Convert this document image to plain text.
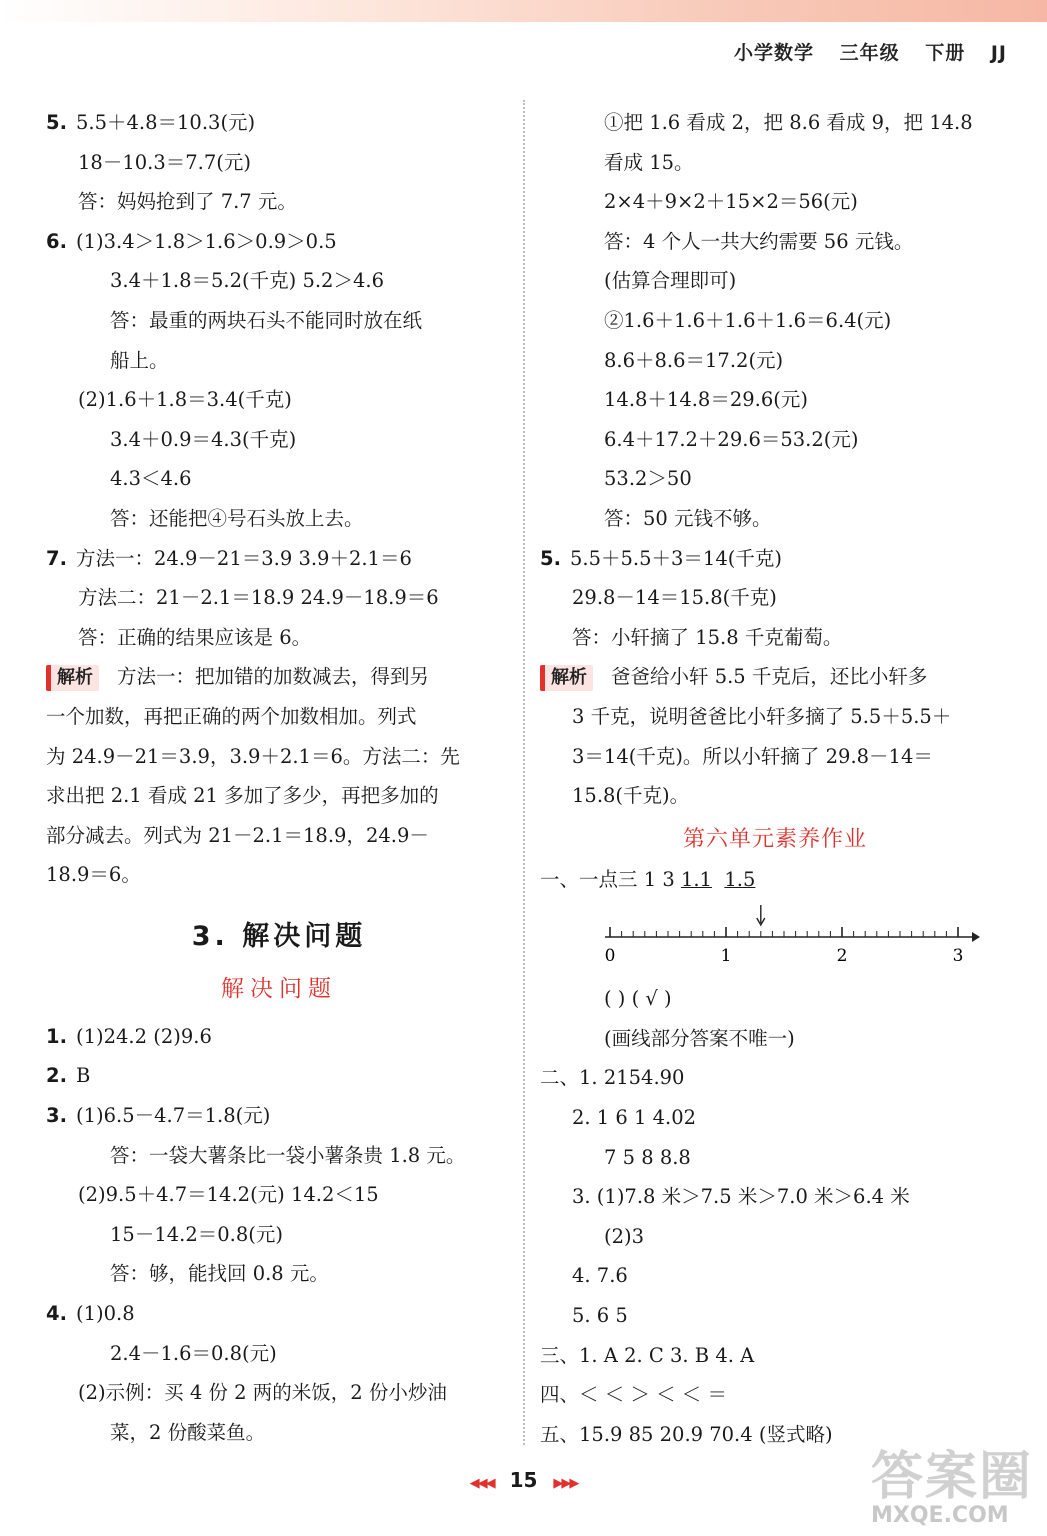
小学数学 三年级 下册 JJ
5. 5.5＋4.8＝10.3(元)
18－10.3＝7.7(元)
答：妈妈抢到了 7.7 元。
6. (1)3.4＞1.8＞1.6＞0.9＞0.5
3.4＋1.8＝5.2(千克) 5.2＞4.6
答：最重的两块石头不能同时放在纸
船上。
(2)1.6＋1.8＝3.4(千克)
3.4＋0.9＝4.3(千克)
4.3＜4.6
答：还能把④号石头放上去。
7. 方法一：24.9－21＝3.9 3.9＋2.1＝6
方法二：21－2.1＝18.9 24.9－18.9＝6
答：正确的结果应该是 6。
解析 方法一：把加错的加数减去，得到另
一个加数，再把正确的两个加数相加。列式
为 24.9－21＝3.9，3.9＋2.1＝6。方法二：先
求出把 2.1 看成 21 多加了多少，再把多加的
部分减去。列式为 21－2.1＝18.9，24.9－
18.9＝6。
3. 解决问题
解决问题
1. (1)24.2 (2)9.6
2. B
3. (1)6.5－4.7＝1.8(元)
答：一袋大薯条比一袋小薯条贵 1.8 元。
(2)9.5＋4.7＝14.2(元) 14.2＜15
15－14.2＝0.8(元)
答：够，能找回 0.8 元。
4. (1)0.8
2.4－1.6＝0.8(元)
(2)示例：买 4 份 2 两的米饭，2 份小炒油
菜，2 份酸菜鱼。
①把 1.6 看成 2，把 8.6 看成 9，把 14.8
看成 15。
2×4＋9×2＋15×2＝56(元)
答：4 个人一共大约需要 56 元钱。
(估算合理即可)
②1.6＋1.6＋1.6＋1.6＝6.4(元)
8.6＋8.6＝17.2(元)
14.8＋14.8＝29.6(元)
6.4＋17.2＋29.6＝53.2(元)
53.2＞50
答：50 元钱不够。
5. 5.5＋5.5＋3＝14(千克)
29.8－14＝15.8(千克)
答：小轩摘了 15.8 千克葡萄。
解析 爸爸给小轩 5.5 千克后，还比小轩多
3 千克，说明爸爸比小轩多摘了 5.5＋5.5＋
3＝14(千克)。所以小轩摘了 29.8－14＝
15.8(千克)。
第六单元素养作业
一、一点三 1 3 1.1 1.5
0	1	2	3
( ) ( √ )
(画线部分答案不唯一)
二、1. 2154.90
2. 1 6 1 4.02
7 5 8 8.8
3. (1)7.8 米＞7.5 米＞7.0 米＞6.4 米
(2)3
4. 7.6
5. 6 5
三、1. A 2. C 3. B 4. A
四、＜ ＜ ＞ ＜ ＜ ＝
五、15.9 85 20.9 70.4 (竖式略)
◀◀◀ 15 ▶▶▶	答案圈
MXQE.COM
